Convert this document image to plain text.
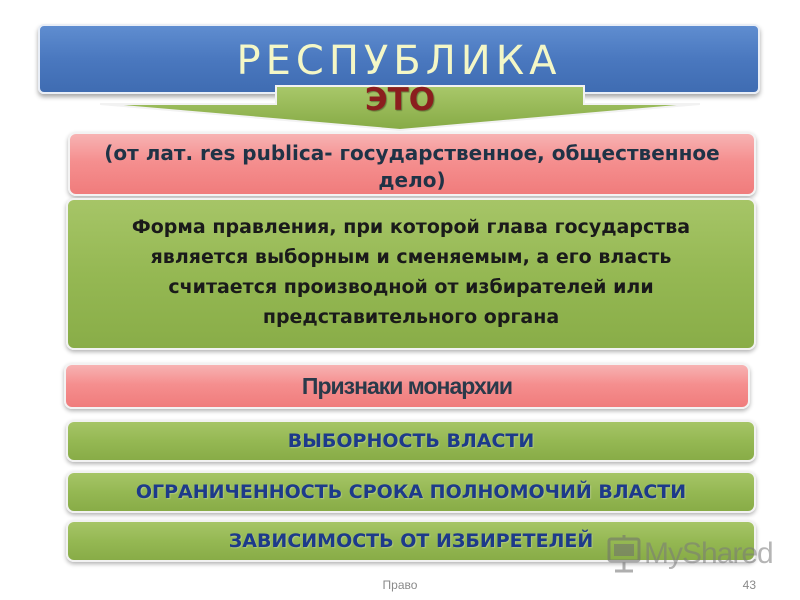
РЕСПУБЛИКА
ЭТО
(от лат. res publica- государственное, общественное дело)
Форма правления, при которой глава государства является выборным и сменяемым, а его власть считается производной от избирателей или представительного органа
Признаки монархии
ВЫБОРНОСТЬ ВЛАСТИ
ОГРАНИЧЕННОСТЬ СРОКА ПОЛНОМОЧИЙ ВЛАСТИ
ЗАВИСИМОСТЬ ОТ ИЗБИРЕТЕЛЕЙ	MyShared
Право	43
